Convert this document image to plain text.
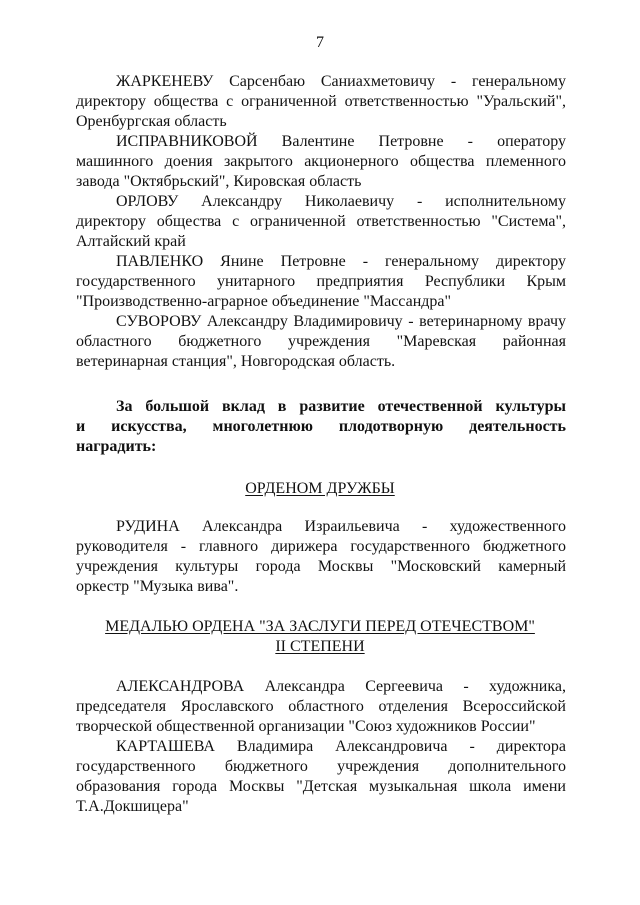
7
ЖАРКЕНЕВУ Сарсенбаю Саниахметовичу - генеральному
директору общества с ограниченной ответственностью "Уральский",
Оренбургская область
ИСПРАВНИКОВОЙ Валентине Петровне - оператору
машинного доения закрытого акционерного общества племенного
завода "Октябрьский", Кировская область
ОРЛОВУ Александру Николаевичу - исполнительному
директору общества с ограниченной ответственностью "Система",
Алтайский край
ПАВЛЕНКО Янине Петровне - генеральному директору
государственного унитарного предприятия Республики Крым
"Производственно-аграрное объединение "Массандра"
СУВОРОВУ Александру Владимировичу - ветеринарному врачу
областного бюджетного учреждения "Маревская районная
ветеринарная станция", Новгородская область.
За большой вклад в развитие отечественной культуры
и искусства, многолетнюю плодотворную деятельность
наградить:
ОРДЕНОМ ДРУЖБЫ
РУДИНА Александра Израильевича - художественного
руководителя - главного дирижера государственного бюджетного
учреждения культуры города Москвы "Московский камерный
оркестр "Музыка вива".
МЕДАЛЬЮ ОРДЕНА "ЗА ЗАСЛУГИ ПЕРЕД ОТЕЧЕСТВОМ"
II СТЕПЕНИ
АЛЕКСАНДРОВА Александра Сергеевича - художника,
председателя Ярославского областного отделения Всероссийской
творческой общественной организации "Союз художников России"
КАРТАШЕВА Владимира Александровича - директора
государственного бюджетного учреждения дополнительного
образования города Москвы "Детская музыкальная школа имени
Т.А.Докшицера"
